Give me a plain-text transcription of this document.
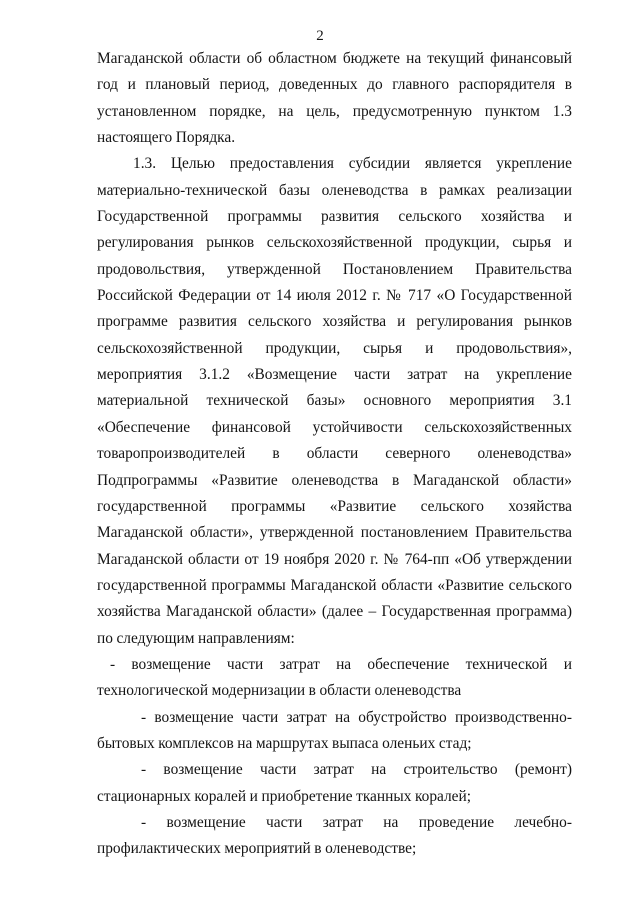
2

Магаданской области об областном бюджете на текущий финансовый год и плановый период, доведенных до главного распорядителя в установленном порядке, на цель, предусмотренную пунктом 1.3 настоящего Порядка.

1.3. Целью предоставления субсидии является укрепление материально-технической базы оленеводства в рамках реализации Государственной программы развития сельского хозяйства и регулирования рынков сельскохозяйственной продукции, сырья и продовольствия, утвержденной Постановлением Правительства Российской Федерации от 14 июля 2012 г. № 717 «О Государственной программе развития сельского хозяйства и регулирования рынков сельскохозяйственной продукции, сырья и продовольствия», мероприятия 3.1.2 «Возмещение части затрат на укрепление материальной технической базы» основного мероприятия 3.1 «Обеспечение финансовой устойчивости сельскохозяйственных товаропроизводителей в области северного оленеводства» Подпрограммы «Развитие оленеводства в Магаданской области» государственной программы «Развитие сельского хозяйства Магаданской области», утвержденной постановлением Правительства Магаданской области от 19 ноября 2020 г. № 764-пп «Об утверждении государственной программы Магаданской области «Развитие сельского хозяйства Магаданской области» (далее – Государственная программа) по следующим направлениям:

- возмещение части затрат на обеспечение технической и технологической модернизации в области оленеводства

- возмещение части затрат на обустройство производственно-бытовых комплексов на маршрутах выпаса оленьих стад;

- возмещение части затрат на строительство (ремонт) стационарных коралей и приобретение тканных коралей;

- возмещение части затрат на проведение лечебно-профилактических мероприятий в оленеводстве;
